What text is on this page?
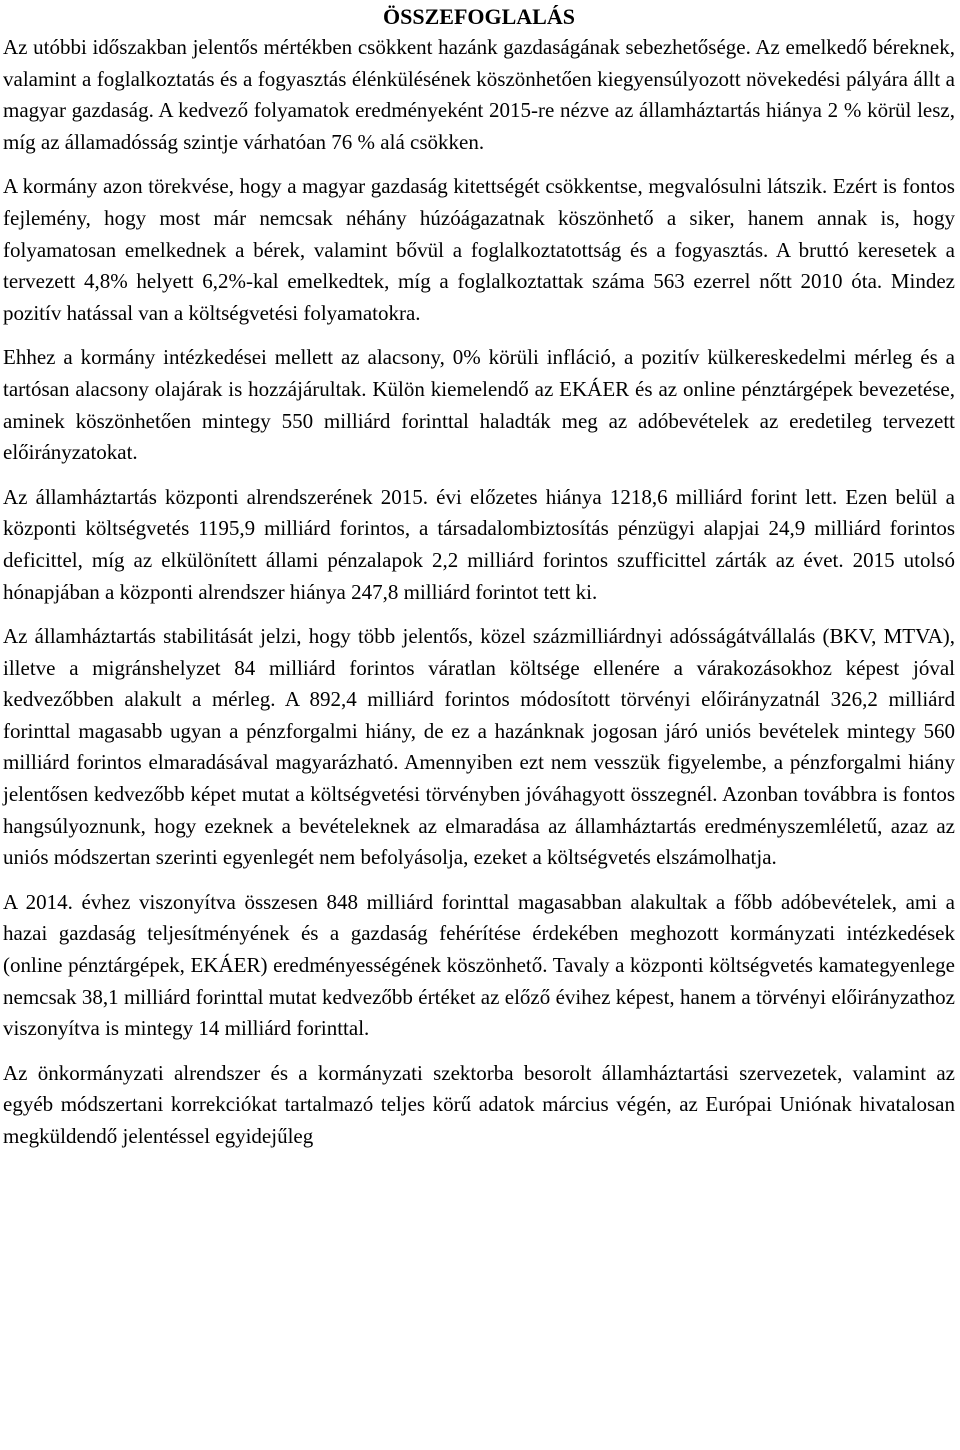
ÖSSZEFOGLALÁS

Az utóbbi időszakban jelentős mértékben csökkent hazánk gazdaságának sebezhetősége. Az emelkedő béreknek, valamint a foglalkoztatás és a fogyasztás élénkülésének köszönhetően kiegyensúlyozott növekedési pályára állt a magyar gazdaság. A kedvező folyamatok eredményeként 2015-re nézve az államháztartás hiánya 2 % körül lesz, míg az államadósság szintje várhatóan 76 % alá csökken.

A kormány azon törekvése, hogy a magyar gazdaság kitettségét csökkentse, megvalósulni látszik. Ezért is fontos fejlemény, hogy most már nemcsak néhány húzóágazatnak köszönhető a siker, hanem annak is, hogy folyamatosan emelkednek a bérek, valamint bővül a foglalkoztatottság és a fogyasztás. A bruttó keresetek a tervezett 4,8% helyett 6,2%-kal emelkedtek, míg a foglalkoztattak száma 563 ezerrel nőtt 2010 óta. Mindez pozitív hatással van a költségvetési folyamatokra.

Ehhez a kormány intézkedései mellett az alacsony, 0% körüli infláció, a pozitív külkereskedelmi mérleg és a tartósan alacsony olajárak is hozzájárultak. Külön kiemelendő az EKÁER és az online pénztárgépek bevezetése, aminek köszönhetően mintegy 550 milliárd forinttal haladták meg az adóbevételek az eredetileg tervezett előirányzatokat.

Az államháztartás központi alrendszerének 2015. évi előzetes hiánya 1218,6 milliárd forint lett. Ezen belül a központi költségvetés 1195,9 milliárd forintos, a társadalombiztosítás pénzügyi alapjai 24,9 milliárd forintos deficittel, míg az elkülönített állami pénzalapok 2,2 milliárd forintos szufficittel zárták az évet. 2015 utolsó hónapjában a központi alrendszer hiánya 247,8 milliárd forintot tett ki.

Az államháztartás stabilitását jelzi, hogy több jelentős, közel százmilliárdnyi adósságátvállalás (BKV, MTVA), illetve a migránshelyzet 84 milliárd forintos váratlan költsége ellenére a várakozásokhoz képest jóval kedvezőbben alakult a mérleg. A 892,4 milliárd forintos módosított törvényi előirányzatnál 326,2 milliárd forinttal magasabb ugyan a pénzforgalmi hiány, de ez a hazánknak jogosan járó uniós bevételek mintegy 560 milliárd forintos elmaradásával magyarázható. Amennyiben ezt nem vesszük figyelembe, a pénzforgalmi hiány jelentősen kedvezőbb képet mutat a költségvetési törvényben jóváhagyott összegnél. Azonban továbbra is fontos hangsúlyoznunk, hogy ezeknek a bevételeknek az elmaradása az államháztartás eredményszemléletű, azaz az uniós módszertan szerinti egyenlegét nem befolyásolja, ezeket a költségvetés elszámolhatja.

A 2014. évhez viszonyítva összesen 848 milliárd forinttal magasabban alakultak a főbb adóbevételek, ami a hazai gazdaság teljesítményének és a gazdaság fehérítése érdekében meghozott kormányzati intézkedések (online pénztárgépek, EKÁER) eredményességének köszönhető. Tavaly a központi költségvetés kamategyenlege nemcsak 38,1 milliárd forinttal mutat kedvezőbb értéket az előző évihez képest, hanem a törvényi előirányzathoz viszonyítva is mintegy 14 milliárd forinttal.

Az önkormányzati alrendszer és a kormányzati szektorba besorolt államháztartási szervezetek, valamint az egyéb módszertani korrekciókat tartalmazó teljes körű adatok március végén, az Európai Uniónak hivatalosan megküldendő jelentéssel egyidejűleg
